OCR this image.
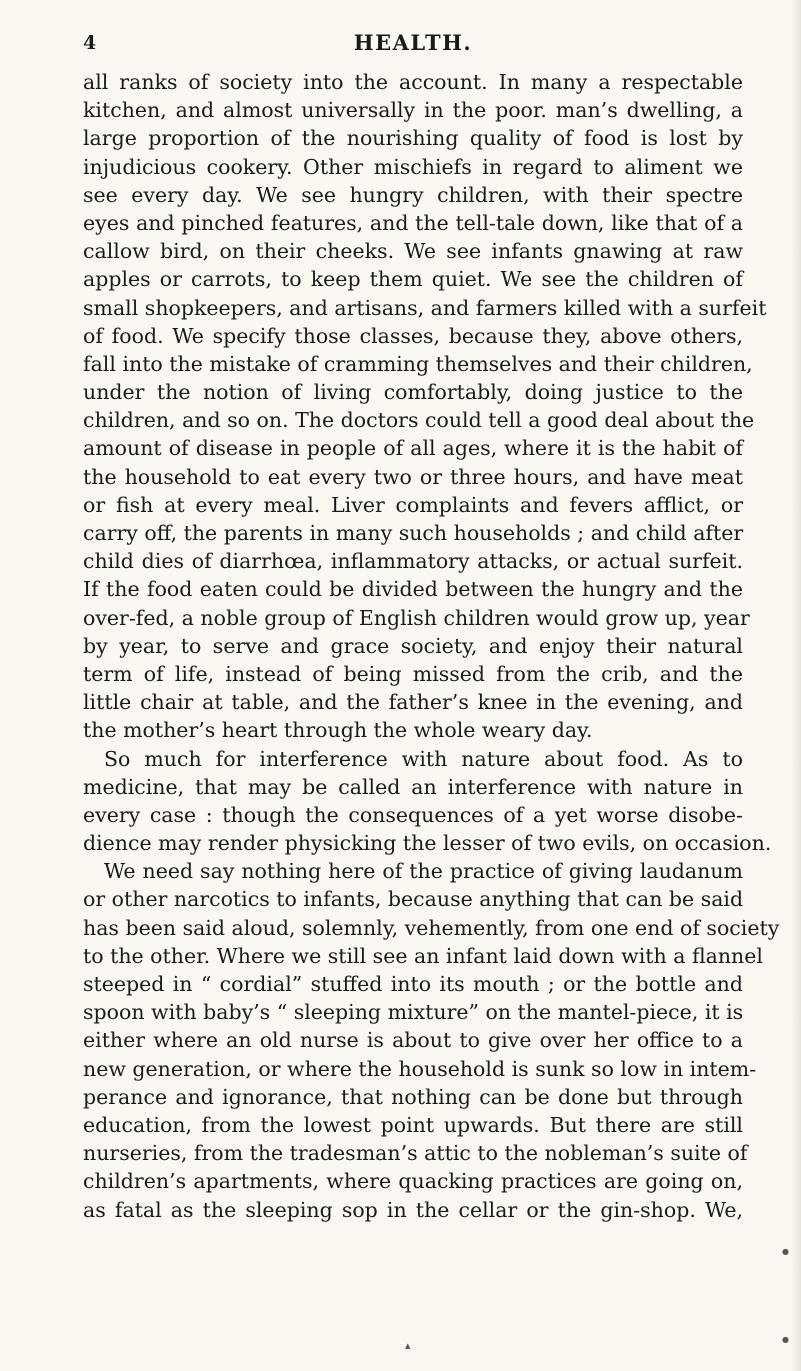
4	HEALTH.
all ranks of society into the account. In many a respectable
kitchen, and almost universally in the poor. man’s dwelling, a
large proportion of the nourishing quality of food is lost by
injudicious cookery. Other mischiefs in regard to aliment we
see every day. We see hungry children, with their spectre
eyes and pinched features, and the tell-tale down, like that of a
callow bird, on their cheeks. We see infants gnawing at raw
apples or carrots, to keep them quiet. We see the children of
small shopkeepers, and artisans, and farmers killed with a surfeit
of food. We specify those classes, because they, above others,
fall into the mistake of cramming themselves and their children,
under the notion of living comfortably, doing justice to the
children, and so on. The doctors could tell a good deal about the
amount of disease in people of all ages, where it is the habit of
the household to eat every two or three hours, and have meat
or fish at every meal. Liver complaints and fevers afflict, or
carry off, the parents in many such households ; and child after
child dies of diarrhœa, inflammatory attacks, or actual surfeit.
If the food eaten could be divided between the hungry and the
over-fed, a noble group of English children would grow up, year
by year, to serve and grace society, and enjoy their natural
term of life, instead of being missed from the crib, and the
little chair at table, and the father’s knee in the evening, and
the mother’s heart through the whole weary day.
So much for interference with nature about food. As to
medicine, that may be called an interference with nature in
every case : though the consequences of a yet worse disobe-
dience may render physicking the lesser of two evils, on occasion.
We need say nothing here of the practice of giving laudanum
or other narcotics to infants, because anything that can be said
has been said aloud, solemnly, vehemently, from one end of society
to the other. Where we still see an infant laid down with a flannel
steeped in “ cordial” stuffed into its mouth ; or the bottle and
spoon with baby’s “ sleeping mixture” on the mantel-piece, it is
either where an old nurse is about to give over her office to a
new generation, or where the household is sunk so low in intem-
perance and ignorance, that nothing can be done but through
education, from the lowest point upwards. But there are still
nurseries, from the tradesman’s attic to the nobleman’s suite of
children’s apartments, where quacking practices are going on,
as fatal as the sleeping sop in the cellar or the gin-shop. We,
●
●
▲
